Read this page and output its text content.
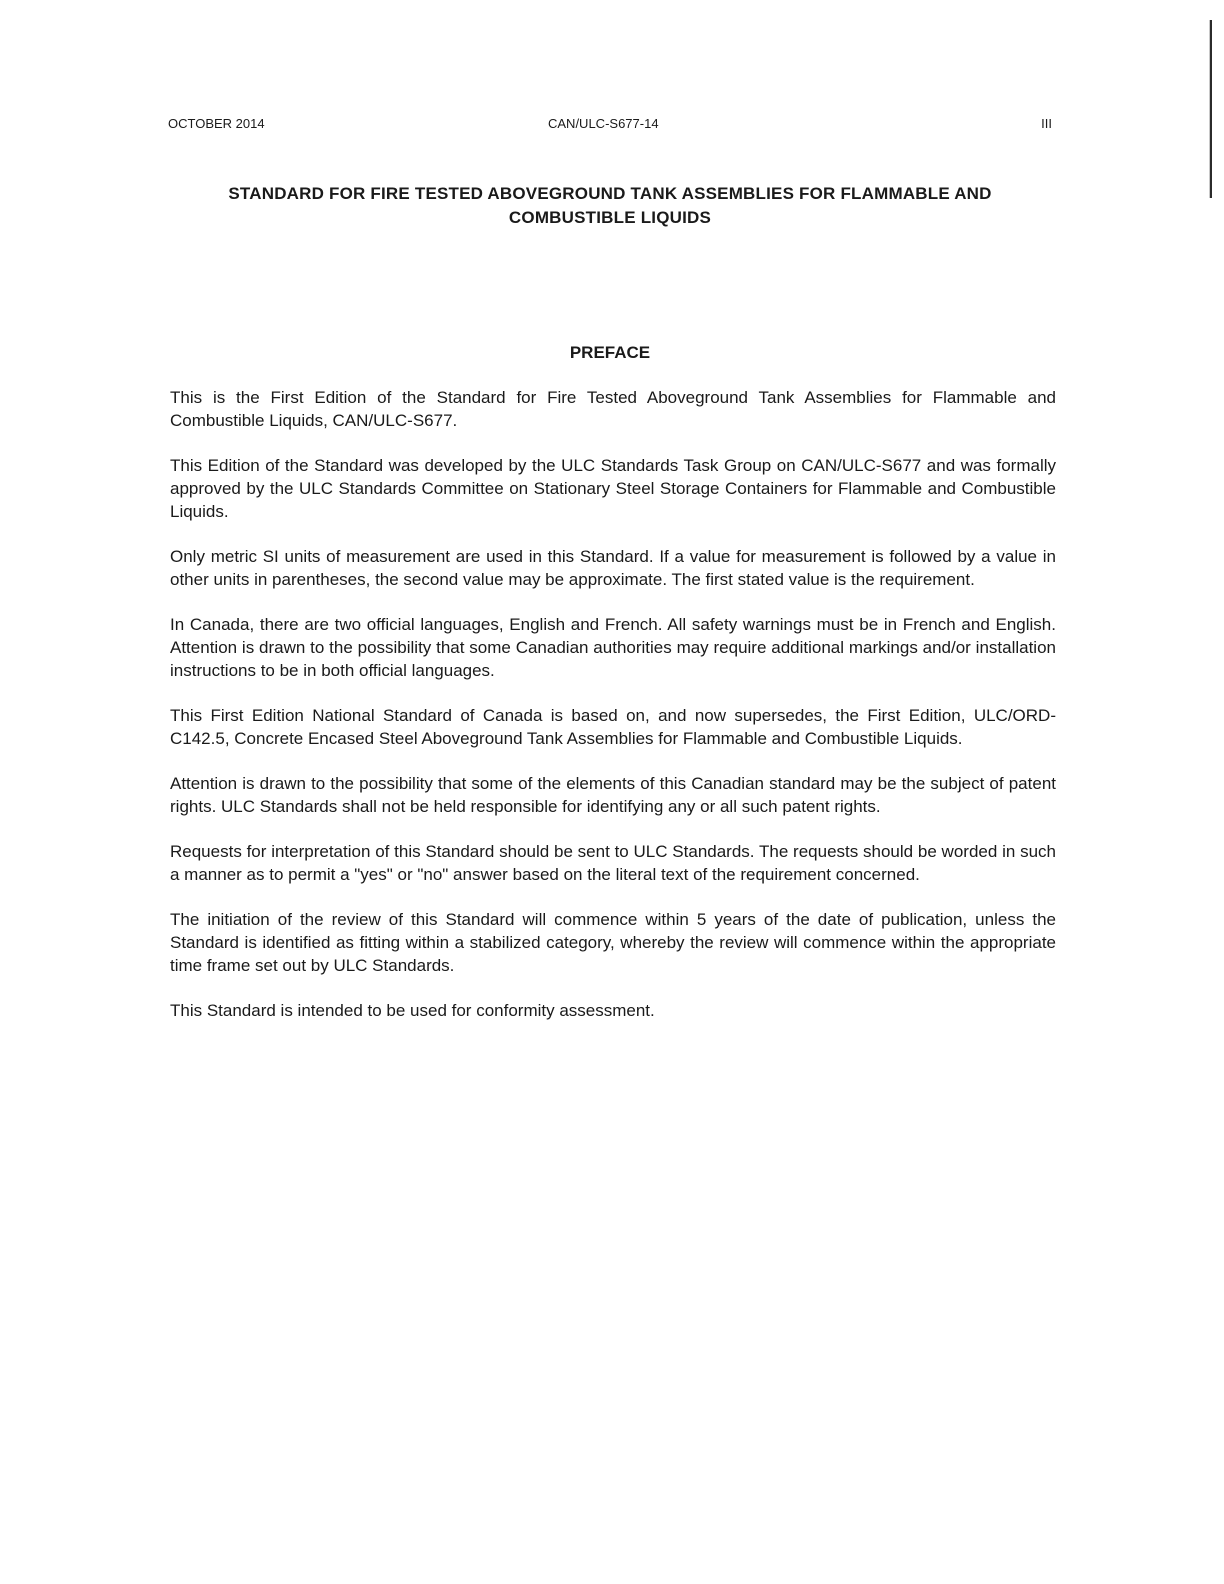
OCTOBER 2014	CAN/ULC-S677-14	III
STANDARD FOR FIRE TESTED ABOVEGROUND TANK ASSEMBLIES FOR FLAMMABLE AND
COMBUSTIBLE LIQUIDS
PREFACE

This is the First Edition of the Standard for Fire Tested Aboveground Tank Assemblies for Flammable and Combustible Liquids, CAN/ULC-S677.

This Edition of the Standard was developed by the ULC Standards Task Group on CAN/ULC-S677 and was formally approved by the ULC Standards Committee on Stationary Steel Storage Containers for Flammable and Combustible Liquids.

Only metric SI units of measurement are used in this Standard. If a value for measurement is followed by a value in other units in parentheses, the second value may be approximate. The first stated value is the requirement.

In Canada, there are two official languages, English and French. All safety warnings must be in French and English. Attention is drawn to the possibility that some Canadian authorities may require additional markings and/or installation instructions to be in both official languages.

This First Edition National Standard of Canada is based on, and now supersedes, the First Edition, ULC/ORD-C142.5, Concrete Encased Steel Aboveground Tank Assemblies for Flammable and Combustible Liquids.

Attention is drawn to the possibility that some of the elements of this Canadian standard may be the subject of patent rights. ULC Standards shall not be held responsible for identifying any or all such patent rights.

Requests for interpretation of this Standard should be sent to ULC Standards. The requests should be worded in such a manner as to permit a "yes" or "no" answer based on the literal text of the requirement concerned.

The initiation of the review of this Standard will commence within 5 years of the date of publication, unless the Standard is identified as fitting within a stabilized category, whereby the review will commence within the appropriate time frame set out by ULC Standards.

This Standard is intended to be used for conformity assessment.
